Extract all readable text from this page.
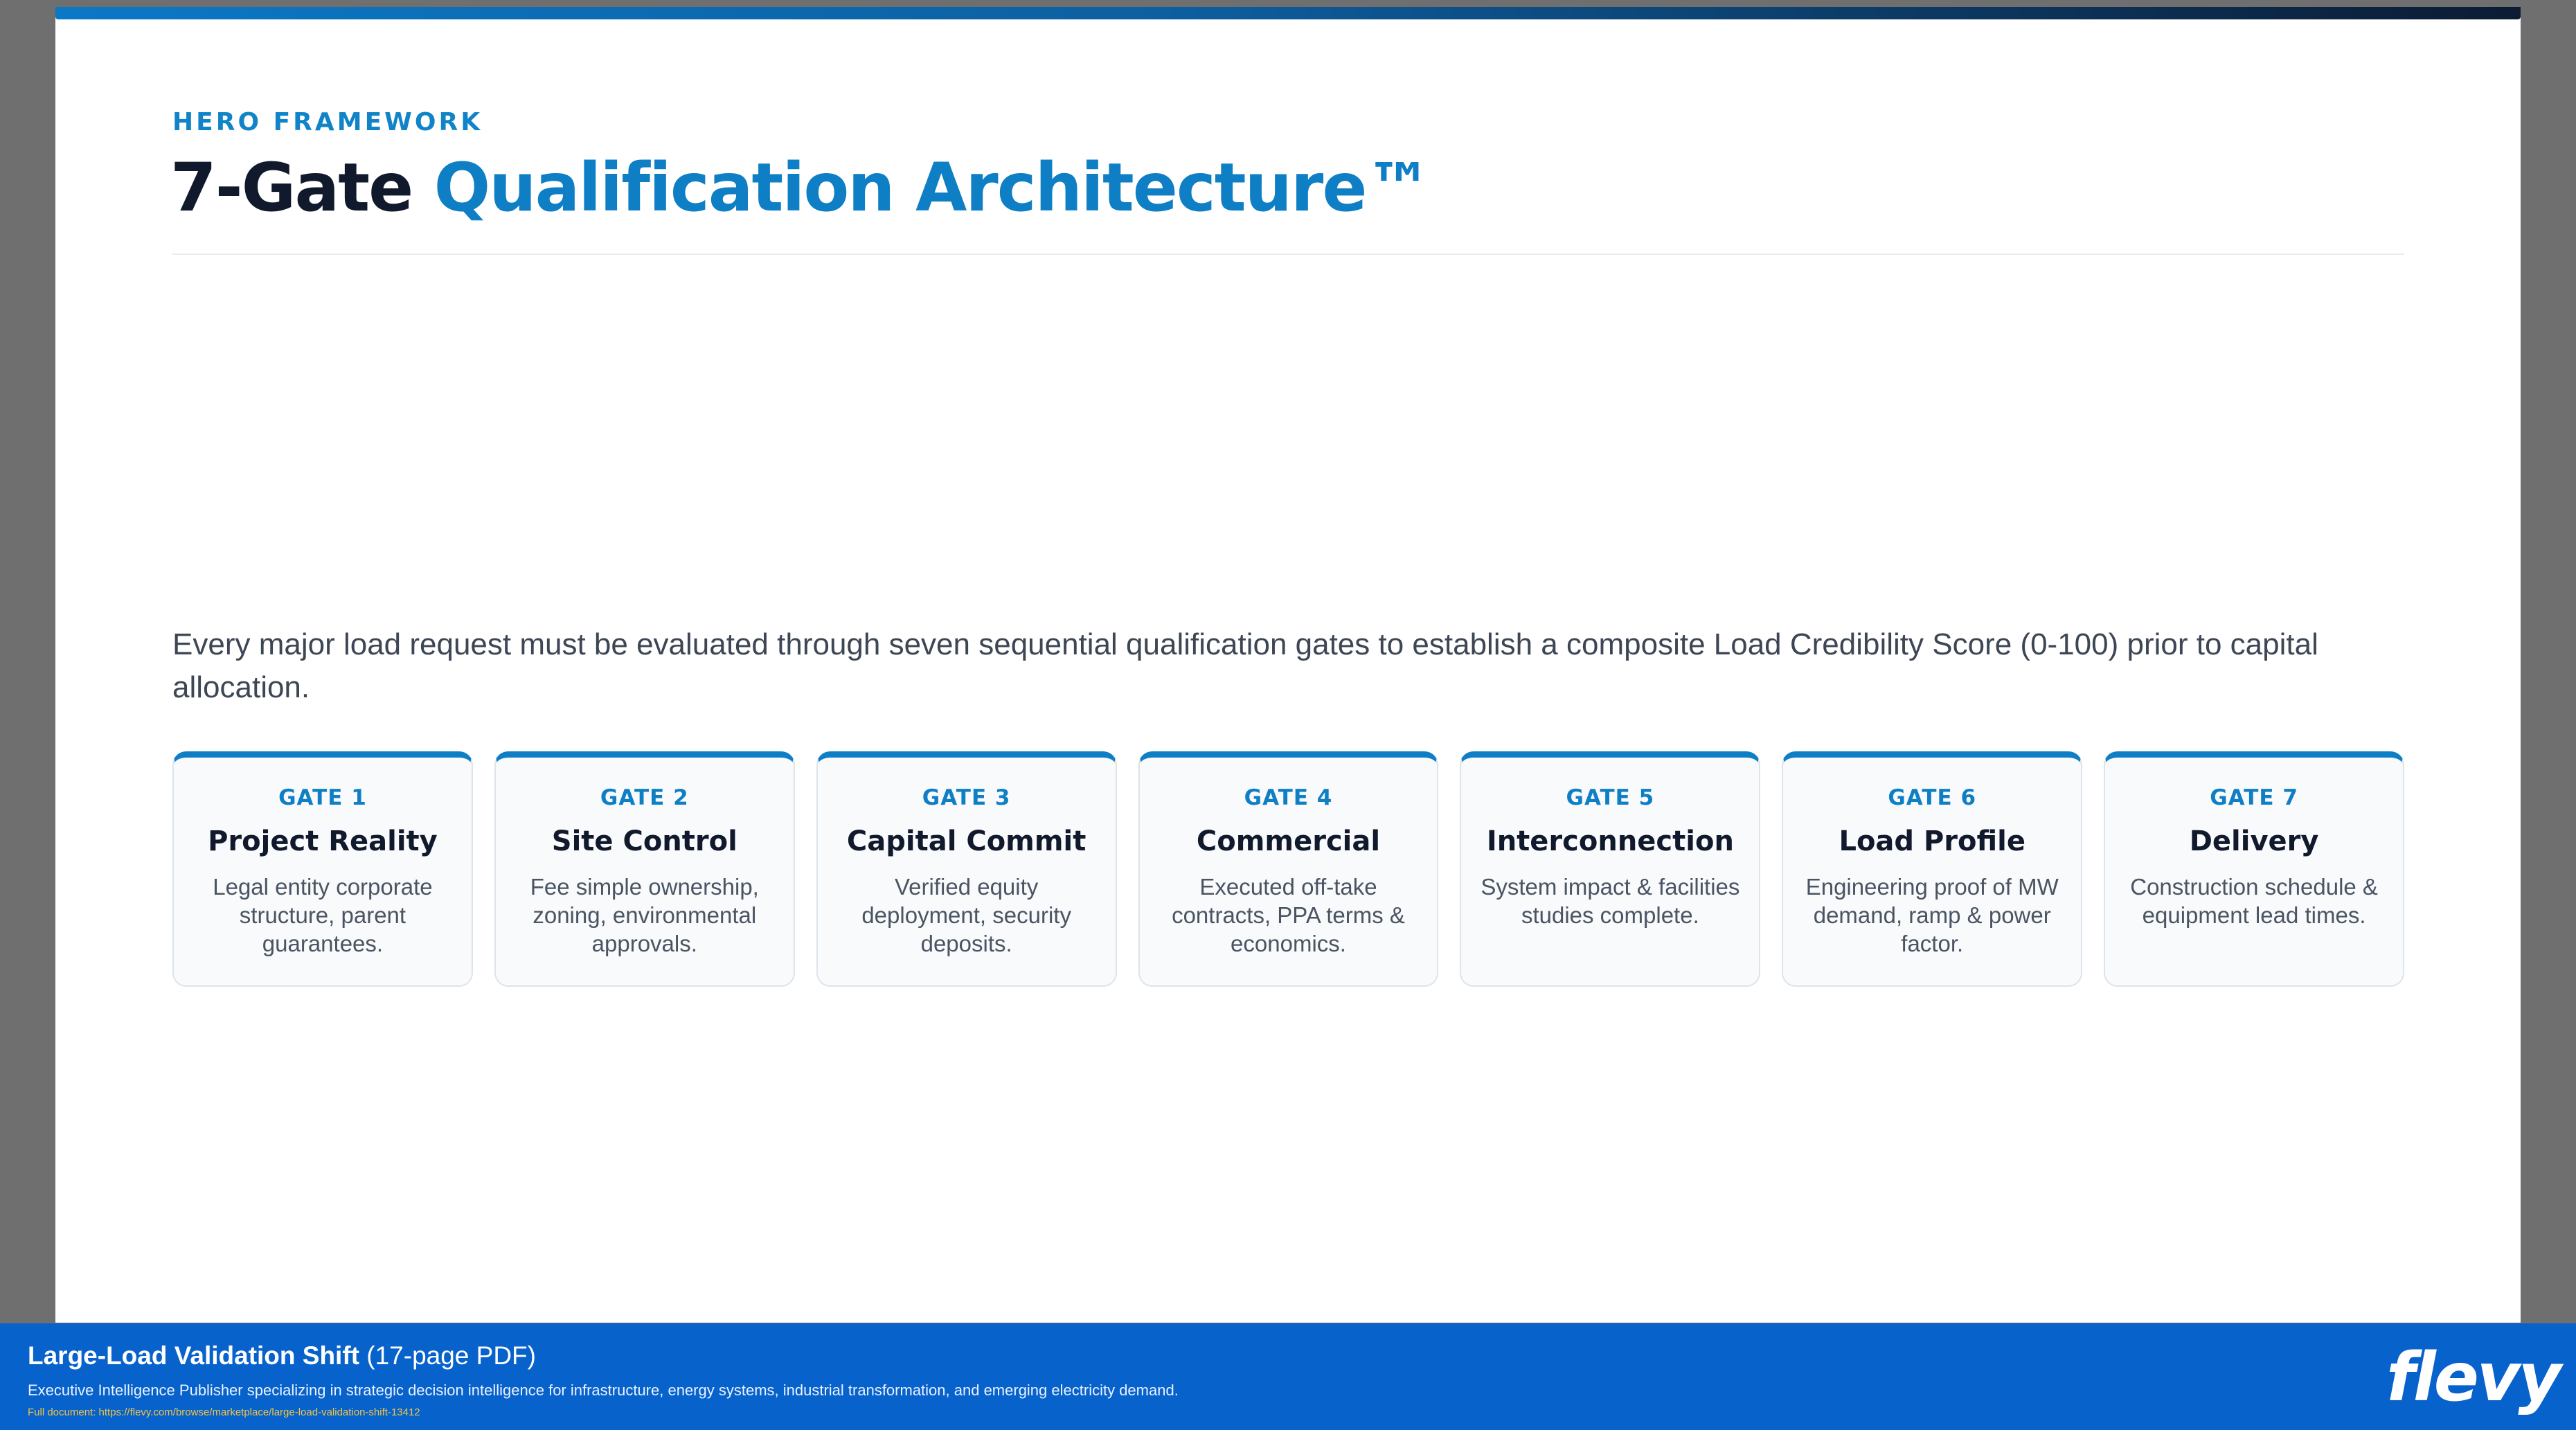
HERO FRAMEWORK
7-Gate Qualification Architecture™

Every major load request must be evaluated through seven sequential qualification gates to establish a composite Load Credibility Score (0-100) prior to capital allocation.

GATE 1
Project Reality
Legal entity corporate structure, parent guarantees.
GATE 2
Site Control
Fee simple ownership, zoning, environmental approvals.
GATE 3
Capital Commit
Verified equity deployment, security deposits.
GATE 4
Commercial
Executed off-take contracts, PPA terms & economics.
GATE 5
Interconnection
System impact & facilities studies complete.
GATE 6
Load Profile
Engineering proof of MW demand, ramp & power factor.
GATE 7
Delivery
Construction schedule & equipment lead times.
Large-Load Validation Shift (17-page PDF)
Executive Intelligence Publisher specializing in strategic decision intelligence for infrastructure, energy systems, industrial transformation, and emerging electricity demand.
Full document: https://flevy.com/browse/marketplace/large-load-validation-shift-13412	flevy
